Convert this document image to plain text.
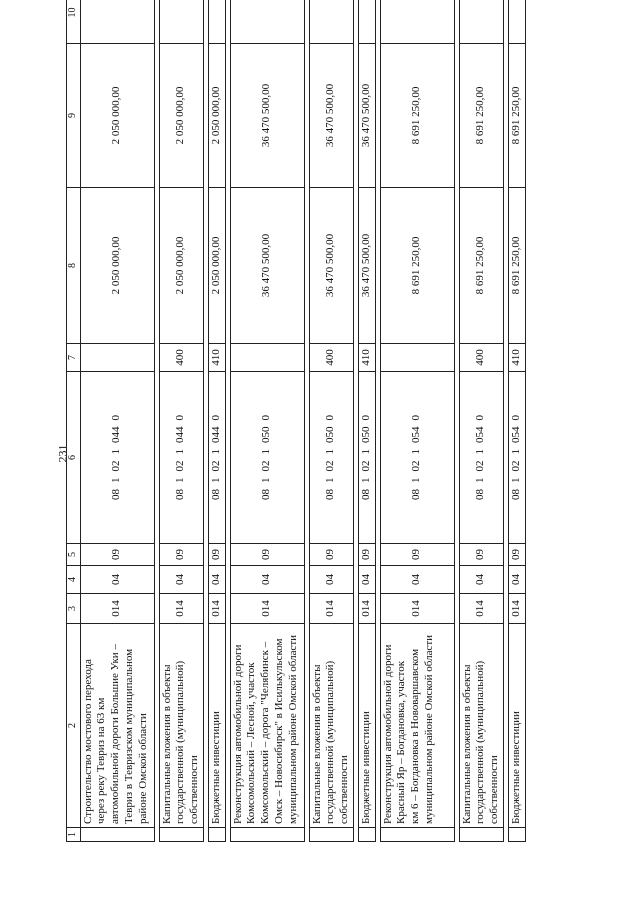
231
1	2	3	4	5	6	7	8	9	10

	Строительство мостового перехода через реку Тевриз на 63 км автомобильной дороги Большие Уки – Тевриз в Тевризском муниципальном районе Омской области	014	04	09	0810210440		2 050 000,00	2 050 000,00	

	Капитальные вложения в объекты государственной (муниципальной) собственности	014	04	09	0810210440	400	2 050 000,00	2 050 000,00	

	Бюджетные инвестиции	014	04	09	0810210440	410	2 050 000,00	2 050 000,00	

	Реконструкция автомобильной дороги Комсомольский – Лесной, участок Комсомольский – дорога "Челябинск – Омск – Новосибирск" в Исилькульском муниципальном районе Омской области	014	04	09	0810210500		36 470 500,00	36 470 500,00	

	Капитальные вложения в объекты государственной (муниципальной) собственности	014	04	09	0810210500	400	36 470 500,00	36 470 500,00	

	Бюджетные инвестиции	014	04	09	0810210500	410	36 470 500,00	36 470 500,00	

	Реконструкция автомобильной дороги Красный Яр – Богдановка, участок км 6 – Богдановка в Нововаршавском муниципальном районе Омской области	014	04	09	0810210540		8 691 250,00	8 691 250,00	

	Капитальные вложения в объекты государственной (муниципальной) собственности	014	04	09	0810210540	400	8 691 250,00	8 691 250,00	

	Бюджетные инвестиции	014	04	09	0810210540	410	8 691 250,00	8 691 250,00	
